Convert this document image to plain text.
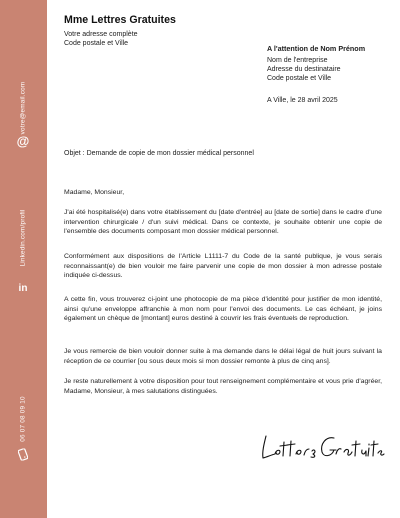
votre@email.com
@
Linkedin.com/profil
in
06 07 08 09 10
Mme Lettres Gratuites
Votre adresse complète
Code postale et Ville
A l'attention de Nom Prénom
Nom de l'entreprise
Adresse du destinataire
Code postale et Ville
A Ville, le 28 avril 2025
Objet : Demande de copie de mon dossier médical personnel

Madame, Monsieur,

J'ai été hospitalisé(e) dans votre établissement du [date d'entrée] au [date de sortie] dans le cadre d'une intervention chirurgicale / d'un suivi médical. Dans ce contexte, je souhaite obtenir une copie de l'ensemble des documents composant mon dossier médical personnel.

Conformément aux dispositions de l'Article L1111-7 du Code de la santé publique, je vous serais reconnaissant(e) de bien vouloir me faire parvenir une copie de mon dossier à mon adresse postale indiquée ci-dessus.

A cette fin, vous trouverez ci-joint une photocopie de ma pièce d'identité pour justifier de mon identité, ainsi qu'une enveloppe affranchie à mon nom pour l'envoi des documents. Le cas échéant, je joins également un chèque de [montant] euros destiné à couvrir les frais éventuels de reproduction.

Je vous remercie de bien vouloir donner suite à ma demande dans le délai légal de huit jours suivant la réception de ce courrier [ou sous deux mois si mon dossier remonte à plus de cinq ans].

Je reste naturellement à votre disposition pour tout renseignement complémentaire et vous prie d'agréer, Madame, Monsieur, à mes salutations distinguées.
